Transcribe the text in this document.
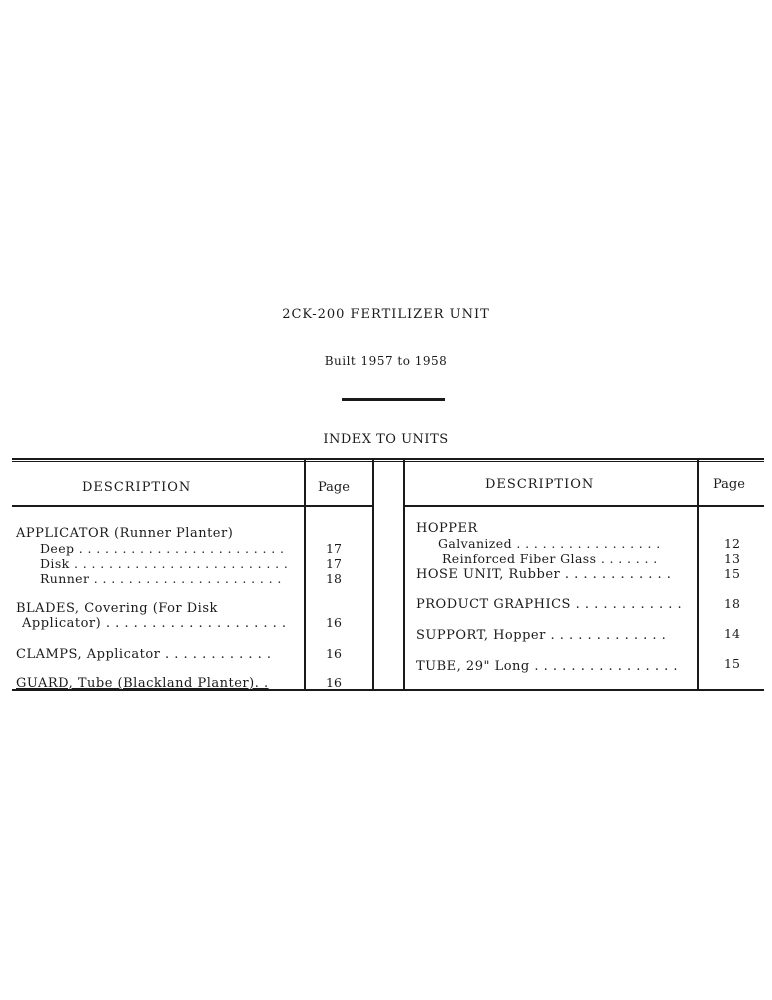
2CK-200 FERTILIZER UNIT
Built 1957 to 1958
INDEX TO UNITS
DESCRIPTION	Page	DESCRIPTION	Page
APPLICATOR (Runner Planter)
Deep . . . . . . . . . . . . . . . . . . . . . . . .	17
Disk . . . . . . . . . . . . . . . . . . . . . . . . .	17
Runner . . . . . . . . . . . . . . . . . . . . . .	18
BLADES, Covering (For Disk
Applicator) . . . . . . . . . . . . . . . . . . . .	16
CLAMPS, Applicator . . . . . . . . . . . .	16
GUARD, Tube (Blackland Planter). .	16
HOPPER
Galvanized . . . . . . . . . . . . . . . . .	12
Reinforced Fiber Glass . . . . . . .	13
HOSE UNIT, Rubber . . . . . . . . . . . .	15
PRODUCT GRAPHICS . . . . . . . . . . . .	18
SUPPORT, Hopper . . . . . . . . . . . . .	14
TUBE, 29" Long . . . . . . . . . . . . . . . .	15
